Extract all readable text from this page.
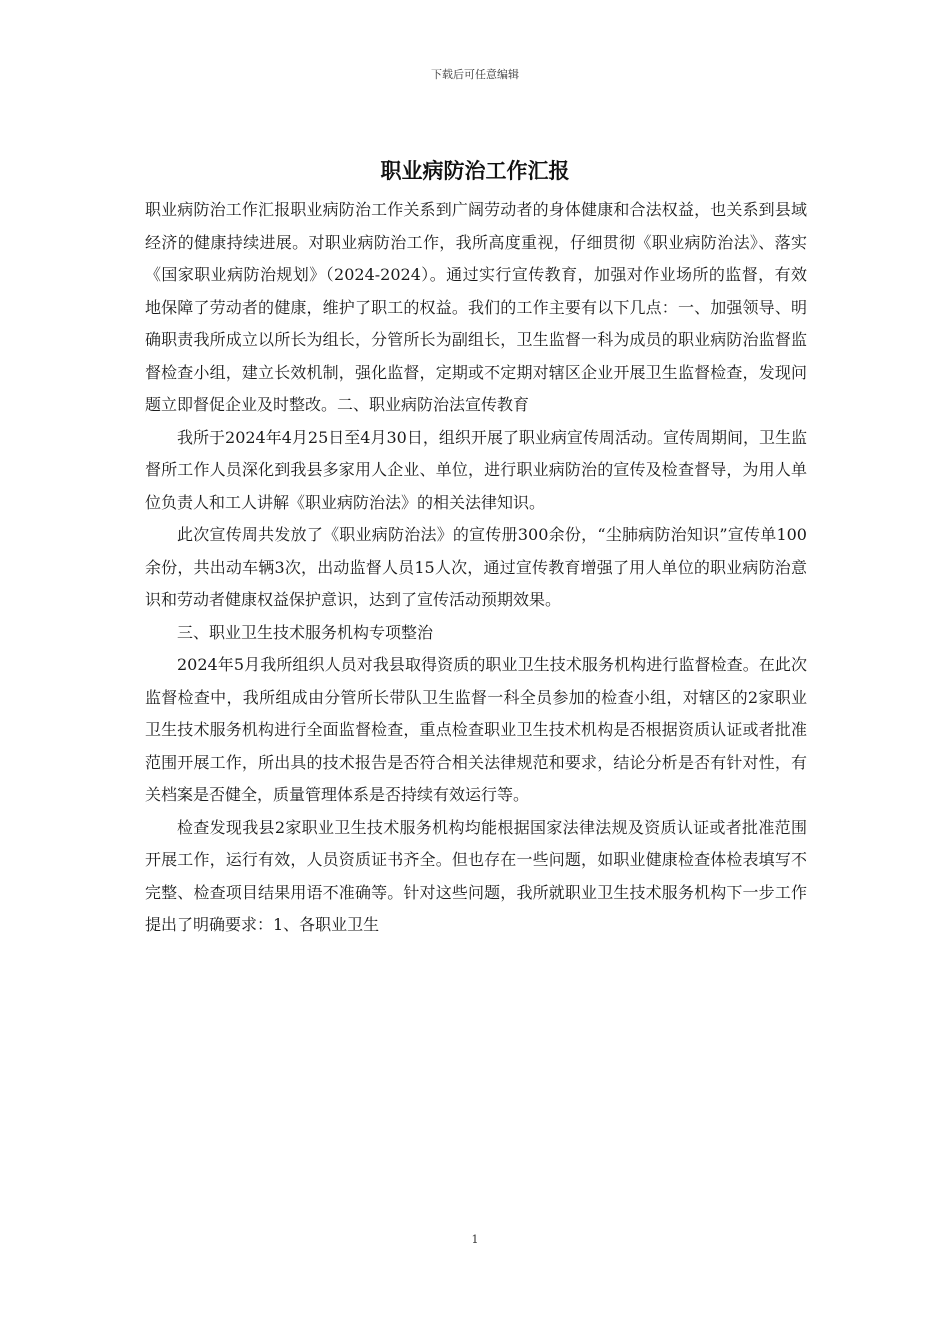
下载后可任意编辑
职业病防治工作汇报

职业病防治工作汇报职业病防治工作关系到广阔劳动者的身体健康和合法权益，也关系到县域经济的健康持续进展。对职业病防治工作，我所高度重视，仔细贯彻《职业病防治法》、落实《国家职业病防治规划》（2024-2024）。通过实行宣传教育，加强对作业场所的监督，有效地保障了劳动者的健康，维护了职工的权益。我们的工作主要有以下几点：一、加强领导、明确职责我所成立以所长为组长，分管所长为副组长，卫生监督一科为成员的职业病防治监督监督检查小组，建立长效机制，强化监督，定期或不定期对辖区企业开展卫生监督检查，发现问题立即督促企业及时整改。二、职业病防治法宣传教育

我所于2024年4月25日至4月30日，组织开展了职业病宣传周活动。宣传周期间，卫生监督所工作人员深化到我县多家用人企业、单位，进行职业病防治的宣传及检查督导，为用人单位负责人和工人讲解《职业病防治法》的相关法律知识。

此次宣传周共发放了《职业病防治法》的宣传册300余份，“尘肺病防治知识”宣传单100余份，共出动车辆3次，出动监督人员15人次，通过宣传教育增强了用人单位的职业病防治意识和劳动者健康权益保护意识，达到了宣传活动预期效果。

三、职业卫生技术服务机构专项整治

2024年5月我所组织人员对我县取得资质的职业卫生技术服务机构进行监督检查。在此次监督检查中，我所组成由分管所长带队卫生监督一科全员参加的检查小组，对辖区的2家职业卫生技术服务机构进行全面监督检查，重点检查职业卫生技术机构是否根据资质认证或者批准范围开展工作，所出具的技术报告是否符合相关法律规范和要求，结论分析是否有针对性，有关档案是否健全，质量管理体系是否持续有效运行等。

检查发现我县2家职业卫生技术服务机构均能根据国家法律法规及资质认证或者批准范围开展工作，运行有效，人员资质证书齐全。但也存在一些问题，如职业健康检查体检表填写不完整、检查项目结果用语不准确等。针对这些问题，我所就职业卫生技术服务机构下一步工作提出了明确要求：1、各职业卫生

1
